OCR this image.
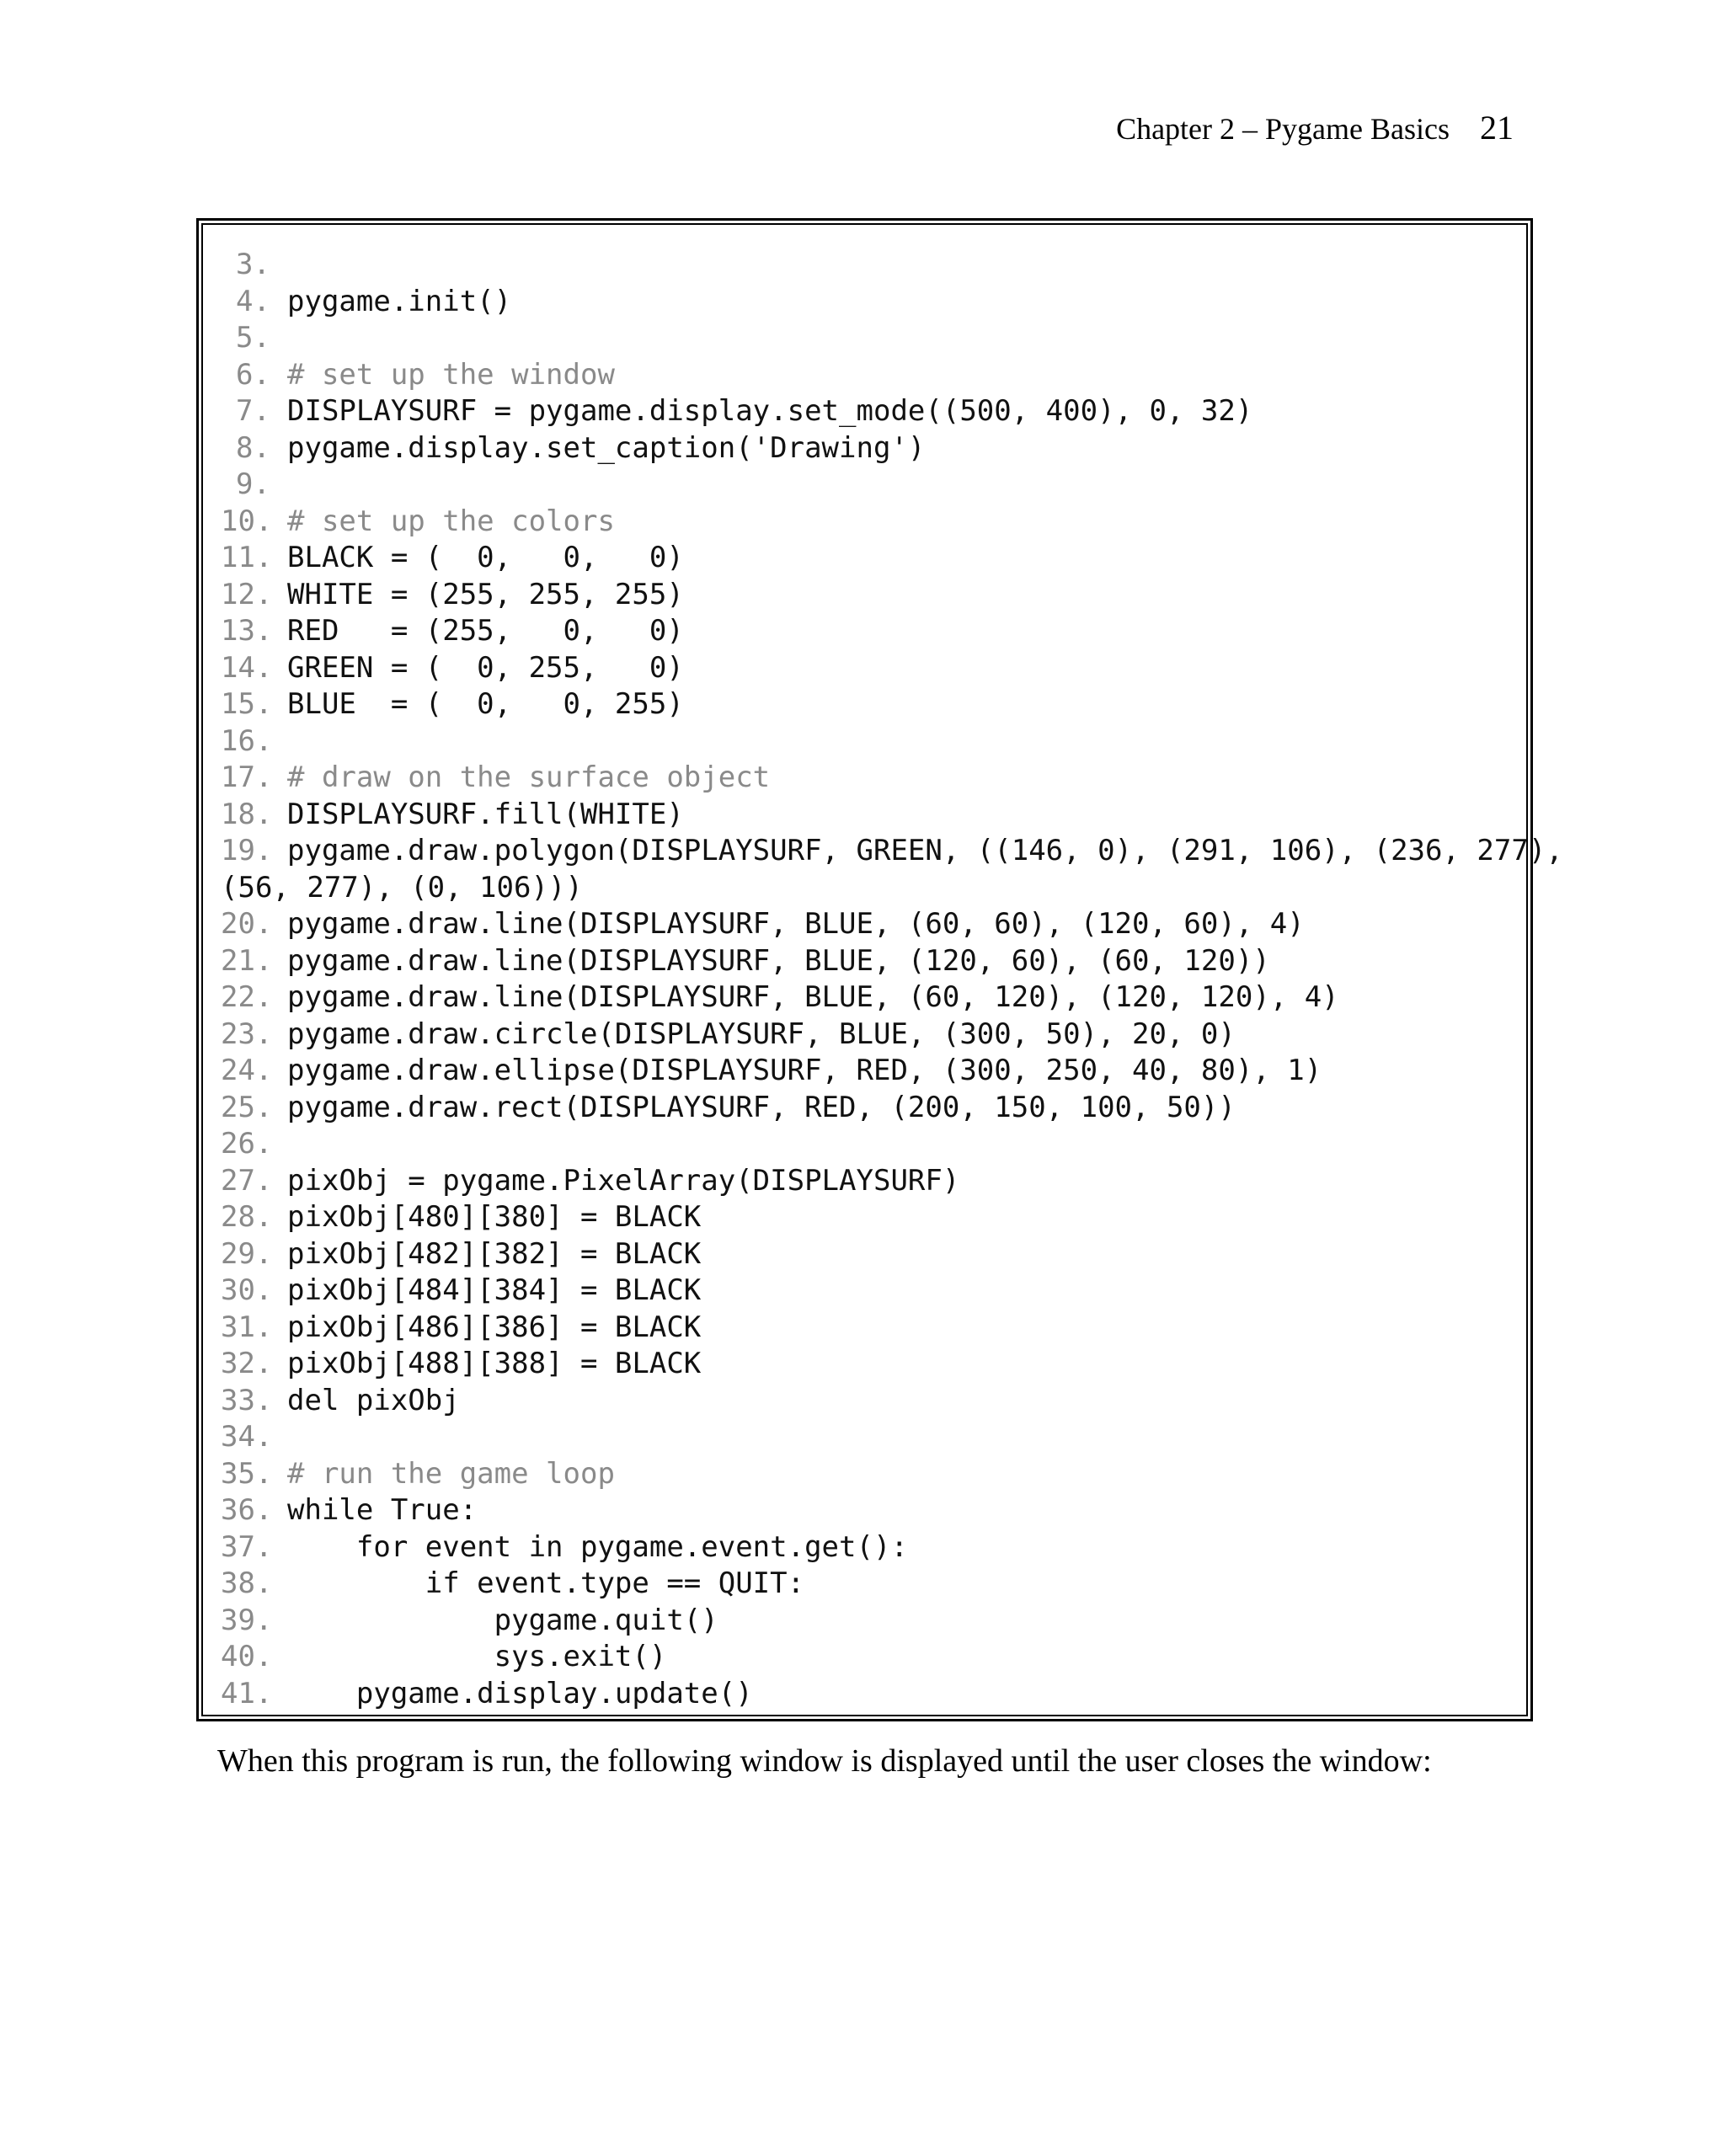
Chapter 2 – Pygame Basics 21
3.
4. pygame.init()
5.
6. # set up the window
7. DISPLAYSURF = pygame.display.set_mode((500, 400), 0, 32)
8. pygame.display.set_caption('Drawing')
9.
10. # set up the colors
11. BLACK = (  0,   0,   0)
12. WHITE = (255, 255, 255)
13. RED   = (255,   0,   0)
14. GREEN = (  0, 255,   0)
15. BLUE  = (  0,   0, 255)
16.
17. # draw on the surface object
18. DISPLAYSURF.fill(WHITE)
19. pygame.draw.polygon(DISPLAYSURF, GREEN, ((146, 0), (291, 106), (236, 277),
(56, 277), (0, 106)))
20. pygame.draw.line(DISPLAYSURF, BLUE, (60, 60), (120, 60), 4)
21. pygame.draw.line(DISPLAYSURF, BLUE, (120, 60), (60, 120))
22. pygame.draw.line(DISPLAYSURF, BLUE, (60, 120), (120, 120), 4)
23. pygame.draw.circle(DISPLAYSURF, BLUE, (300, 50), 20, 0)
24. pygame.draw.ellipse(DISPLAYSURF, RED, (300, 250, 40, 80), 1)
25. pygame.draw.rect(DISPLAYSURF, RED, (200, 150, 100, 50))
26.
27. pixObj = pygame.PixelArray(DISPLAYSURF)
28. pixObj[480][380] = BLACK
29. pixObj[482][382] = BLACK
30. pixObj[484][384] = BLACK
31. pixObj[486][386] = BLACK
32. pixObj[488][388] = BLACK
33. del pixObj
34.
35. # run the game loop
36. while True:
37.    for event in pygame.event.get():
38.        if event.type == QUIT:
39.            pygame.quit()
40.            sys.exit()
41.    pygame.display.update()
When this program is run, the following window is displayed until the user closes the window:
